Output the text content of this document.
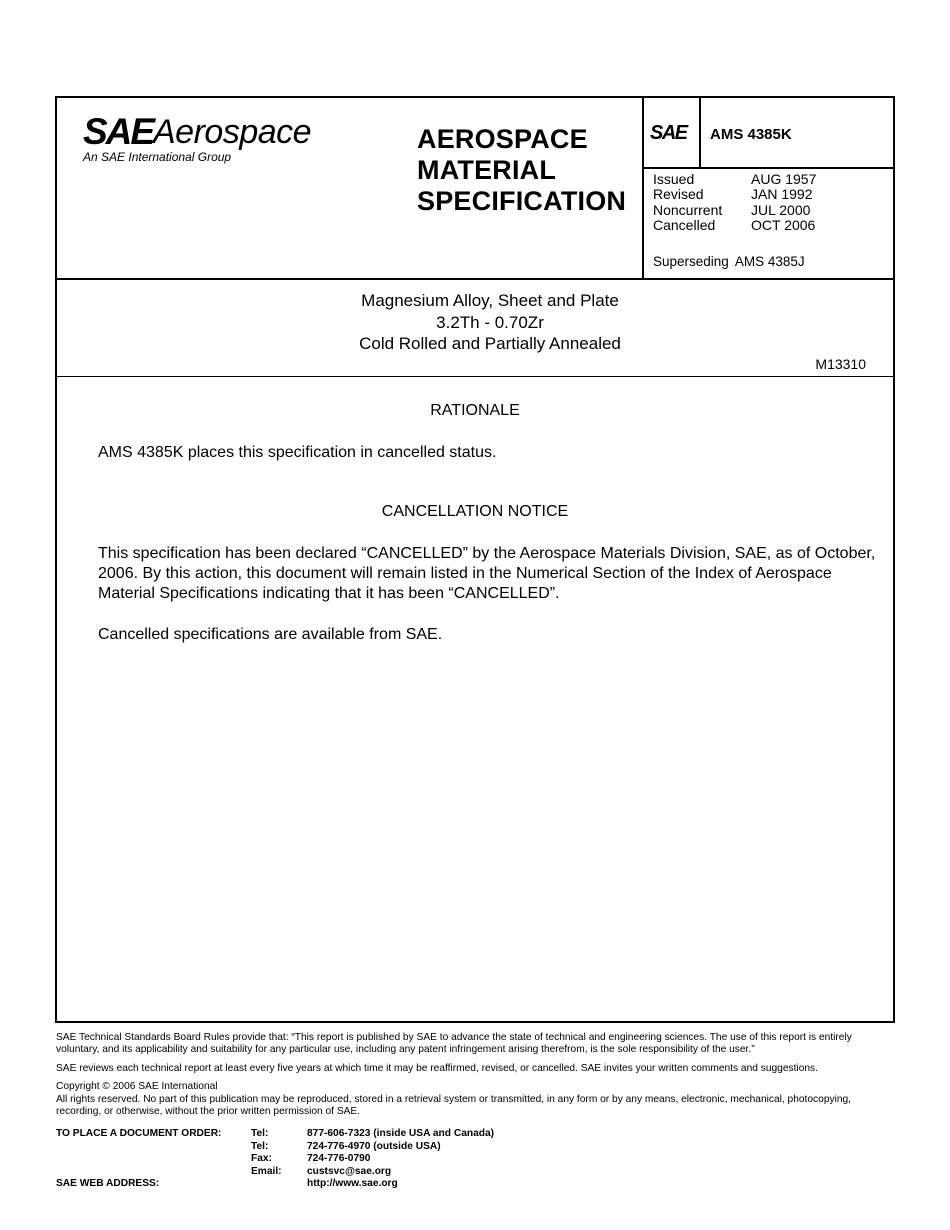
SAE Aerospace
An SAE International Group
AEROSPACE
MATERIAL
SPECIFICATION
SAE AMS 4385K
Issued	AUG 1957
Revised	JAN 1992
Noncurrent JUL 2000
Cancelled	OCT 2006
Superseding AMS 4385J
Magnesium Alloy, Sheet and Plate
3.2Th - 0.70Zr
Cold Rolled and Partially Annealed
M13310
RATIONALE
AMS 4385K places this specification in cancelled status.
CANCELLATION NOTICE
This specification has been declared “CANCELLED” by the Aerospace Materials Division, SAE, as of October, 2006. By this action, this document will remain listed in the Numerical Section of the Index of Aerospace Material Specifications indicating that it has been “CANCELLED”.
Cancelled specifications are available from SAE.

SAE Technical Standards Board Rules provide that: “This report is published by SAE to advance the state of technical and engineering sciences. The use of this report is entirely voluntary, and its applicability and suitability for any particular use, including any patent infringement arising therefrom, is the sole responsibility of the user.”

SAE reviews each technical report at least every five years at which time it may be reaffirmed, revised, or cancelled. SAE invites your written comments and suggestions.

Copyright © 2006 SAE International
All rights reserved. No part of this publication may be reproduced, stored in a retrieval system or transmitted, in any form or by any means, electronic, mechanical, photocopying, recording, or otherwise, without the prior written permission of SAE.
TO PLACE A DOCUMENT ORDER:	Tel:	877-606-7323 (inside USA and Canada)
Tel:	724-776-4970 (outside USA)
Fax:	724-776-0790
Email: custsvc@sae.org
SAE WEB ADDRESS:	http://www.sae.org
